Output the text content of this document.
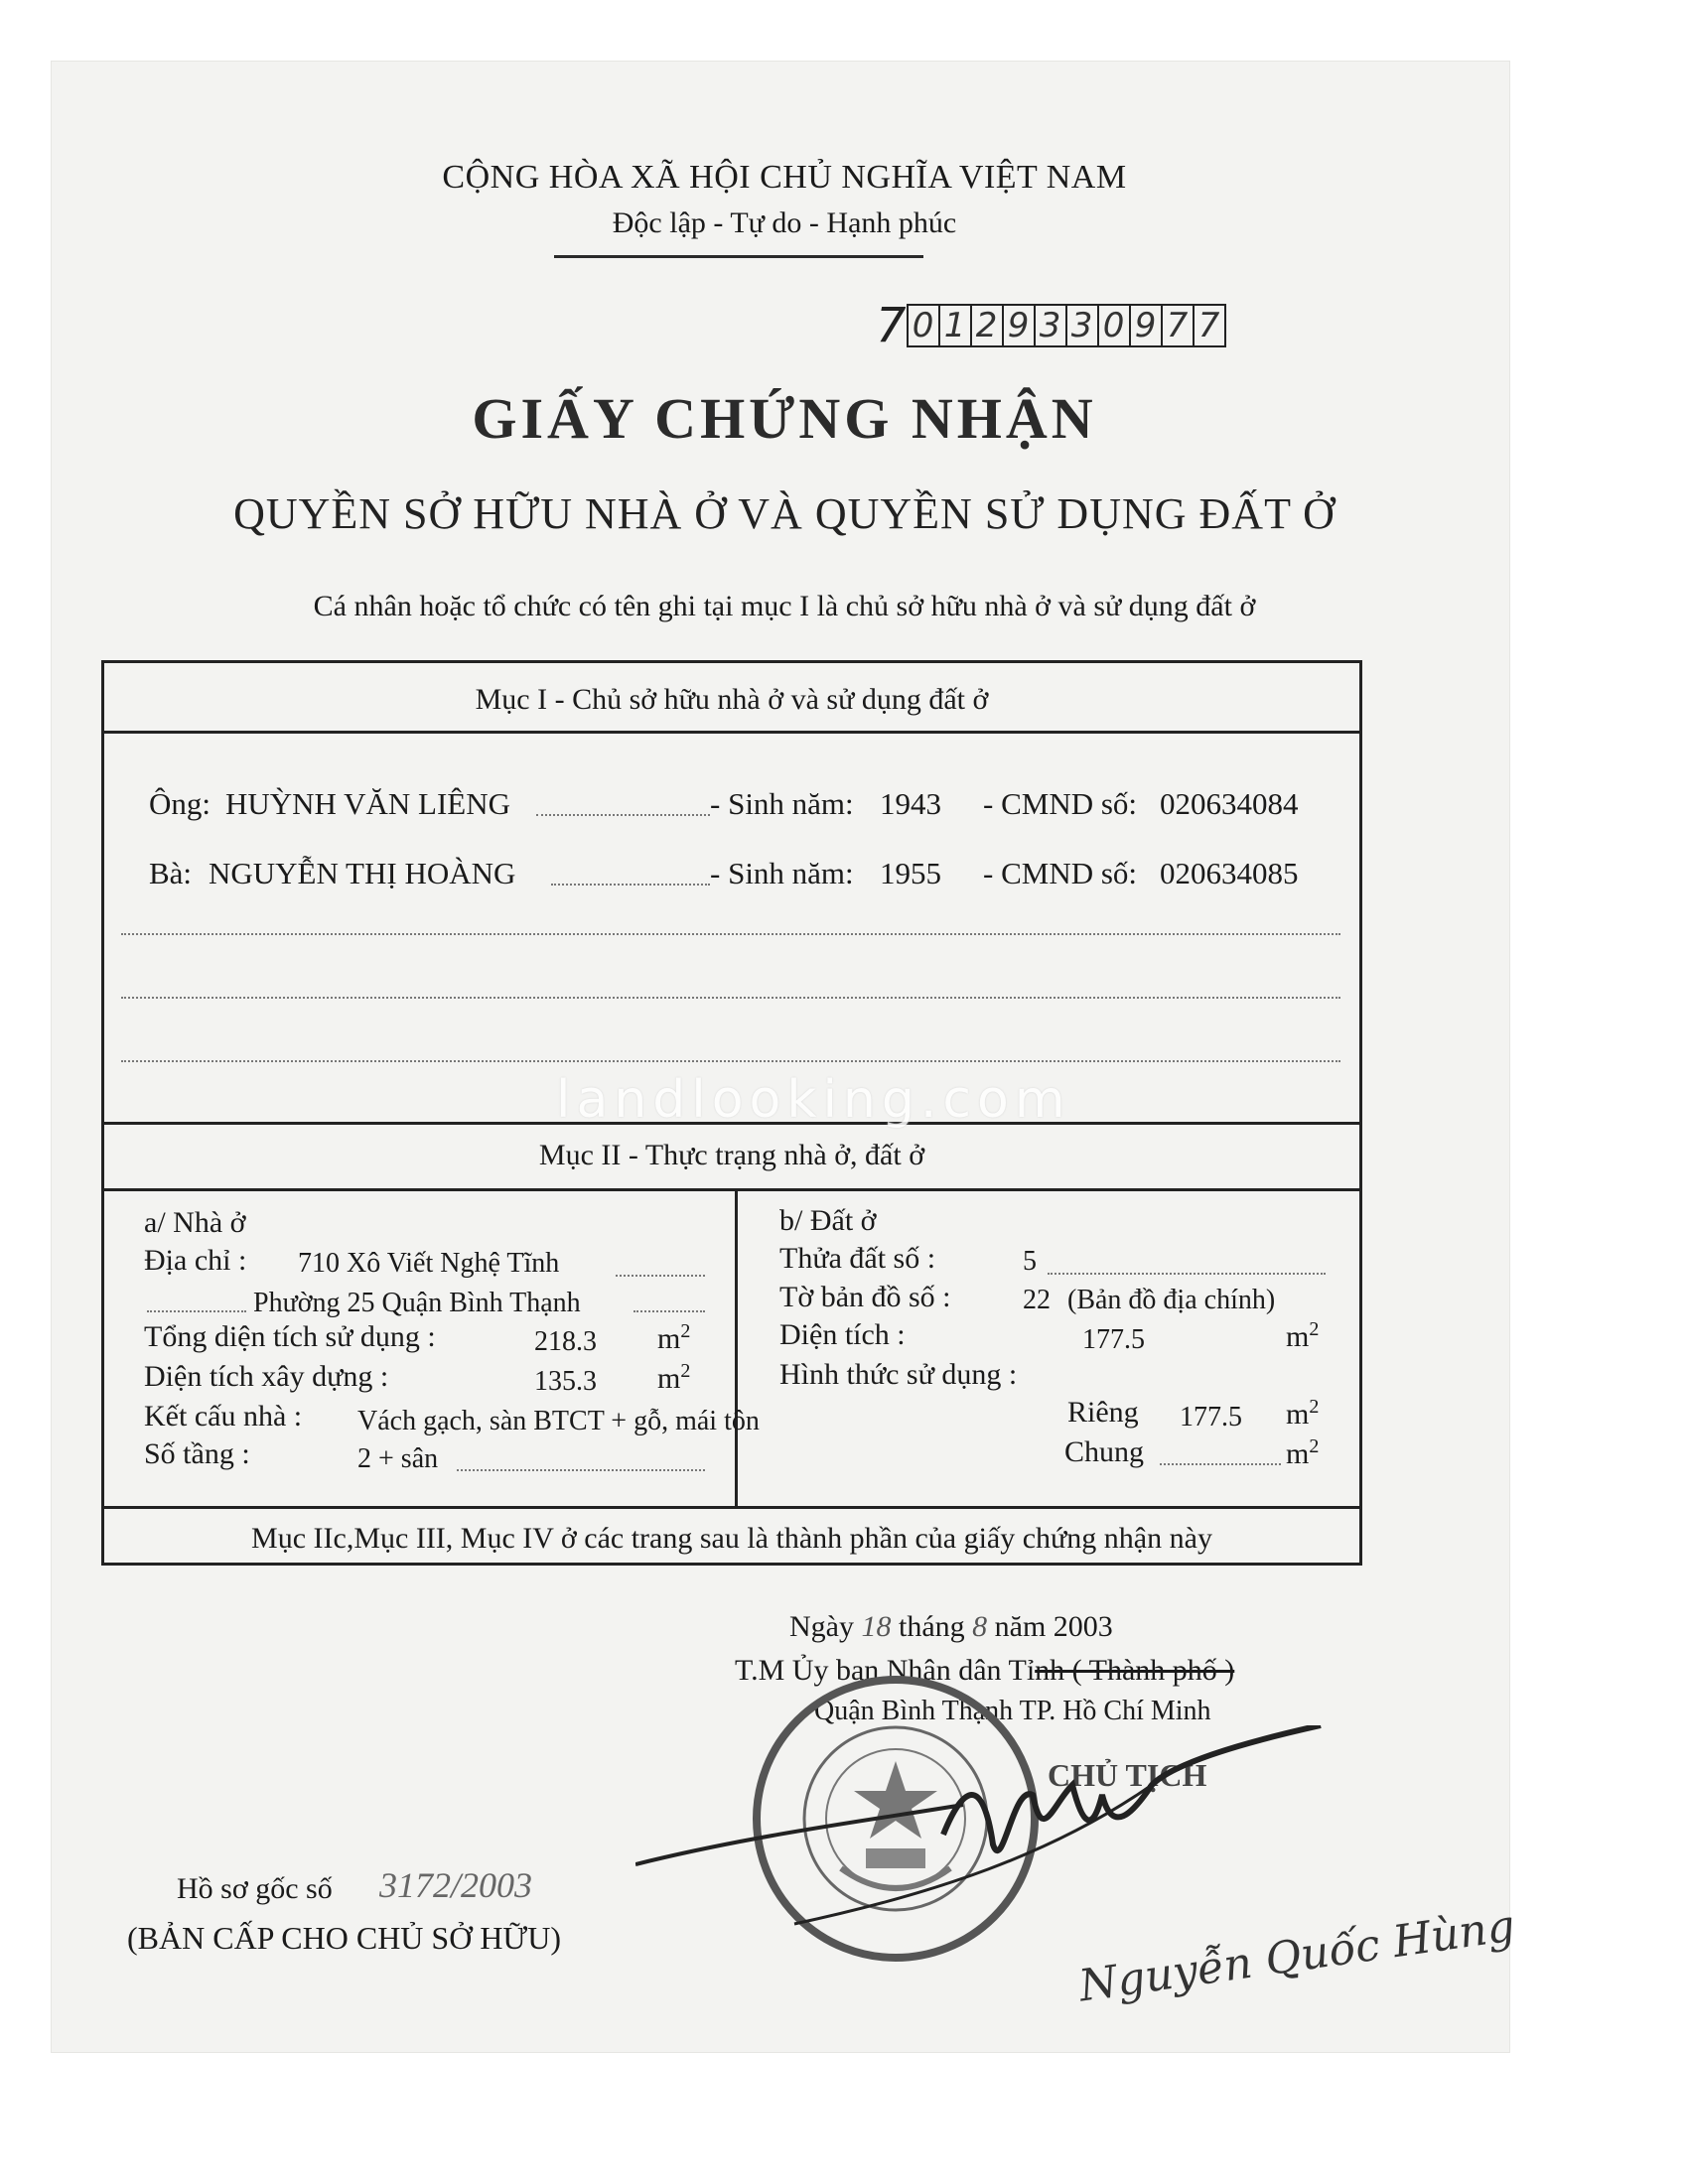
CỘNG HÒA XÃ HỘI CHỦ NGHĨA VIỆT NAM
Độc lập - Tự do - Hạnh phúc
7 0 1 2 9 3 3 0 9 7 7
GIẤY CHỨNG NHẬN
QUYỀN SỞ HỮU NHÀ Ở VÀ QUYỀN SỬ DỤNG ĐẤT Ở
Cá nhân hoặc tổ chức có tên ghi tại mục I là chủ sở hữu nhà ở và sử dụng đất ở
Mục I - Chủ sở hữu nhà ở và sử dụng đất ở
Ông: HUỲNH VĂN LIÊNG	- Sinh năm: 1943 - CMND số: 020634084
Bà: NGUYỄN THỊ HOÀNG	- Sinh năm: 1955 - CMND số: 020634085
landlooking.com
Mục II - Thực trạng nhà ở, đất ở
a/ Nhà ở
Địa chỉ : 710 Xô Viết Nghệ Tĩnh
Phường 25 Quận Bình Thạnh
Tổng diện tích sử dụng :	218.3 $m^2$
Diện tích xây dựng :	135.3 $m^2$
Kết cấu nhà : Vách gạch, sàn BTCT + gỗ, mái tôn
Số tầng :	2 + sân
b/ Đất ở
Thửa đất số :	5
Tờ bản đồ số :	22 (Bản đồ địa chính)
Diện tích :	177.5	$m^2$
Hình thức sử dụng :
Riêng 177.5 $m^2$
Chung	$m^2$
Mục IIc,Mục III, Mục IV ở các trang sau là thành phần của giấy chứng nhận này
Ngày 18 tháng 8 năm 2003
T.M Ủy ban Nhân dân Tỉnh ( Thành phố )
Quận Bình Thạnh TP. Hồ Chí Minh
CHỦ TỊCH
Nguyễn Quốc Hùng
Hồ sơ gốc số 3172/2003
(BẢN CẤP CHO CHỦ SỞ HỮU)
